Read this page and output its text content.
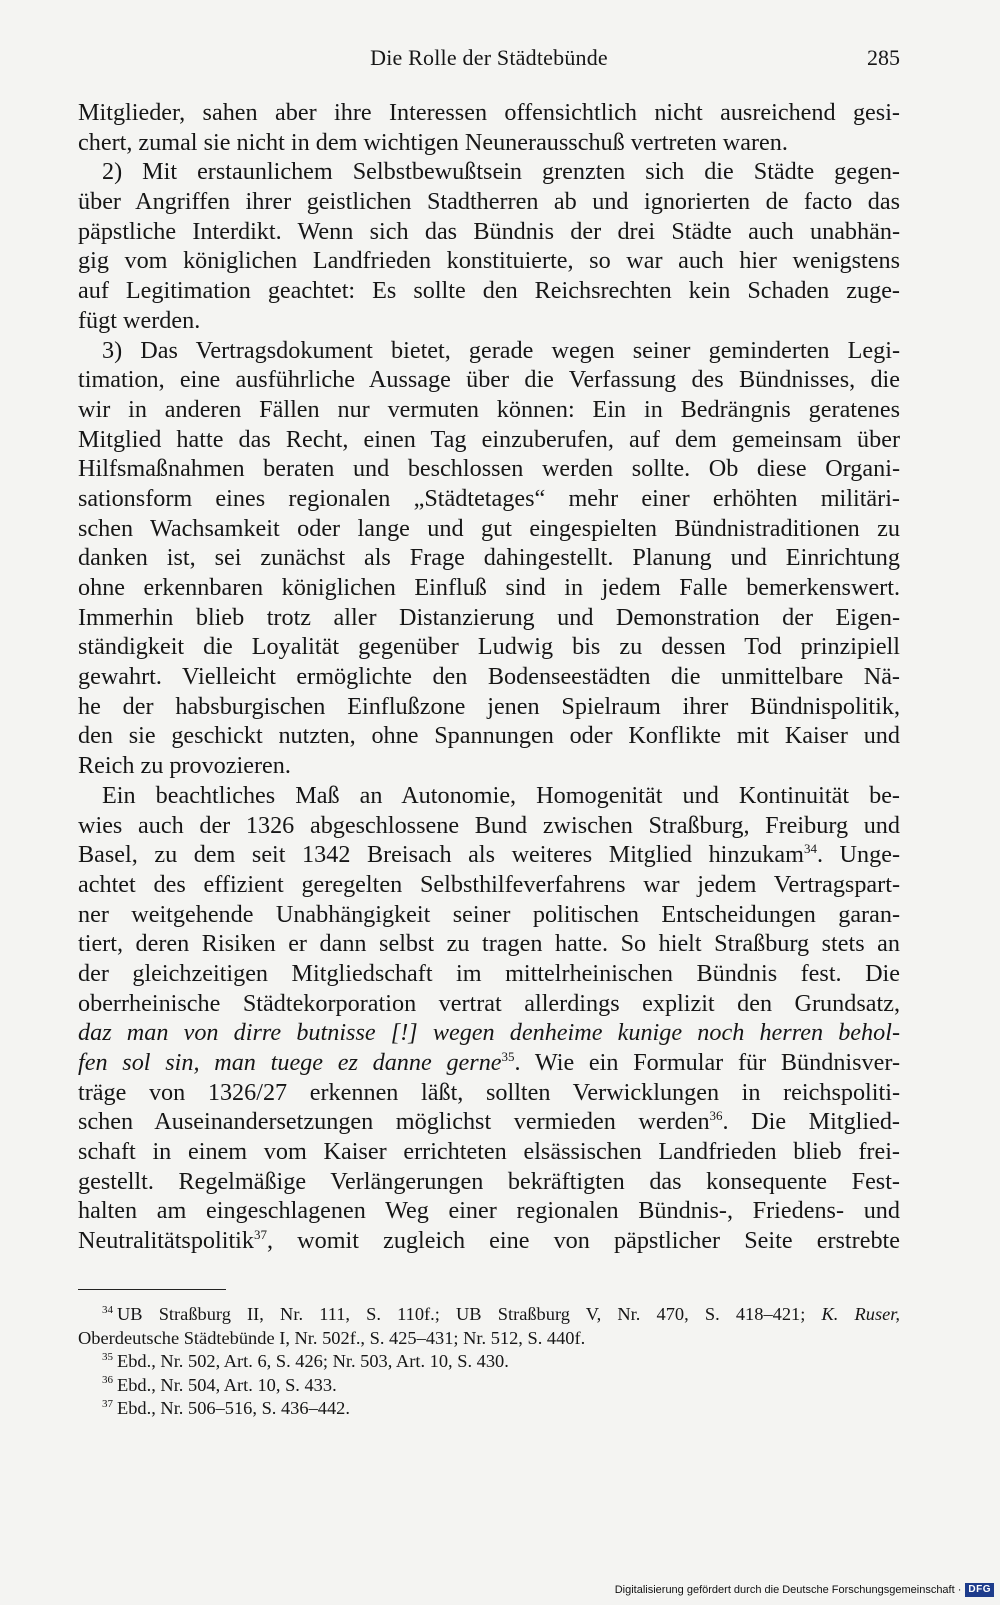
Die Rolle der Städtebünde	285
Mitglieder, sahen aber ihre Interessen offensichtlich nicht ausreichend gesi-
chert, zumal sie nicht in dem wichtigen Neunerausschuß vertreten waren.
2) Mit erstaunlichem Selbstbewußtsein grenzten sich die Städte gegen-
über Angriffen ihrer geistlichen Stadtherren ab und ignorierten de facto das
päpstliche Interdikt. Wenn sich das Bündnis der drei Städte auch unabhän-
gig vom königlichen Landfrieden konstituierte, so war auch hier wenigstens
auf Legitimation geachtet: Es sollte den Reichsrechten kein Schaden zuge-
fügt werden.
3) Das Vertragsdokument bietet, gerade wegen seiner geminderten Legi-
timation, eine ausführliche Aussage über die Verfassung des Bündnisses, die
wir in anderen Fällen nur vermuten können: Ein in Bedrängnis geratenes
Mitglied hatte das Recht, einen Tag einzuberufen, auf dem gemeinsam über
Hilfsmaßnahmen beraten und beschlossen werden sollte. Ob diese Organi-
sationsform eines regionalen „Städtetages“ mehr einer erhöhten militäri-
schen Wachsamkeit oder lange und gut eingespielten Bündnistraditionen zu
danken ist, sei zunächst als Frage dahingestellt. Planung und Einrichtung
ohne erkennbaren königlichen Einfluß sind in jedem Falle bemerkenswert.
Immerhin blieb trotz aller Distanzierung und Demonstration der Eigen-
ständigkeit die Loyalität gegenüber Ludwig bis zu dessen Tod prinzipiell
gewahrt. Vielleicht ermöglichte den Bodenseestädten die unmittelbare Nä-
he der habsburgischen Einflußzone jenen Spielraum ihrer Bündnispolitik,
den sie geschickt nutzten, ohne Spannungen oder Konflikte mit Kaiser und
Reich zu provozieren.
Ein beachtliches Maß an Autonomie, Homogenität und Kontinuität be-
wies auch der 1326 abgeschlossene Bund zwischen Straßburg, Freiburg und
Basel, zu dem seit 1342 Breisach als weiteres Mitglied hinzukam$^{34}$. Unge-
achtet des effizient geregelten Selbsthilfeverfahrens war jedem Vertragspart-
ner weitgehende Unabhängigkeit seiner politischen Entscheidungen garan-
tiert, deren Risiken er dann selbst zu tragen hatte. So hielt Straßburg stets an
der gleichzeitigen Mitgliedschaft im mittelrheinischen Bündnis fest. Die
oberrheinische Städtekorporation vertrat allerdings explizit den Grundsatz,
daz man von dirre butnisse [!] wegen denheime kunige noch herren behol-
fen sol sin, man tuege ez danne gerne$^{35}$. Wie ein Formular für Bündnisver-
träge von 1326/27 erkennen läßt, sollten Verwicklungen in reichspoliti-
schen Auseinandersetzungen möglichst vermieden werden$^{36}$. Die Mitglied-
schaft in einem vom Kaiser errichteten elsässischen Landfrieden blieb frei-
gestellt. Regelmäßige Verlängerungen bekräftigten das konsequente Fest-
halten am eingeschlagenen Weg einer regionalen Bündnis-, Friedens- und
Neutralitätspolitik$^{37}$, womit zugleich eine von päpstlicher Seite erstrebte
$^{34}$ UB Straßburg II, Nr. 111, S. 110f.; UB Straßburg V, Nr. 470, S. 418–421; K. Ruser,
Oberdeutsche Städtebünde I, Nr. 502f., S. 425–431; Nr. 512, S. 440f.
$^{35}$ Ebd., Nr. 502, Art. 6, S. 426; Nr. 503, Art. 10, S. 430.
$^{36}$ Ebd., Nr. 504, Art. 10, S. 433.
$^{37}$ Ebd., Nr. 506–516, S. 436–442.
Digitalisierung gefördert durch die Deutsche Forschungsgemeinschaft · DFG
